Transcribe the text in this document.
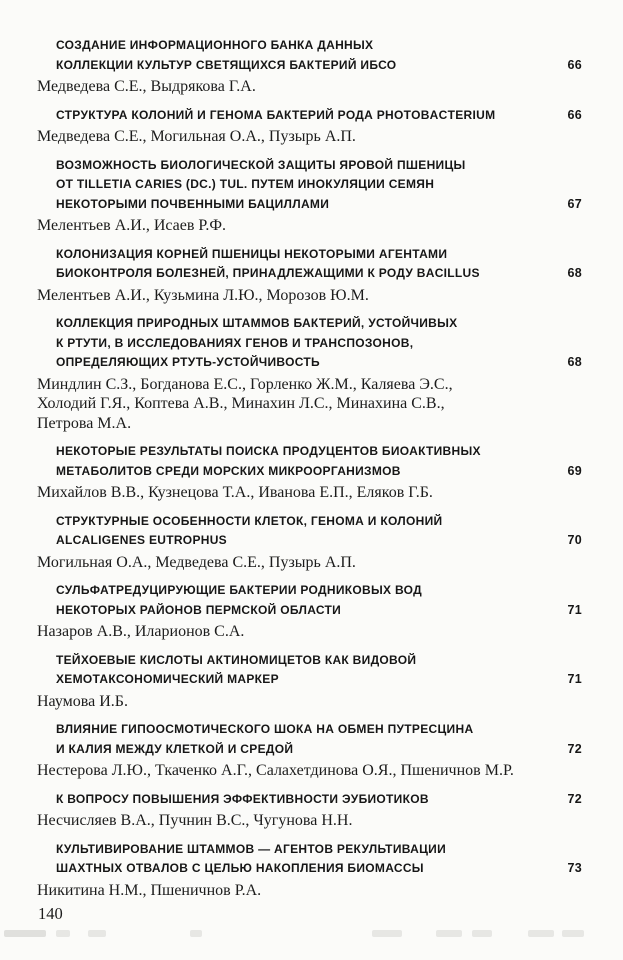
СОЗДАНИЕ ИНФОРМАЦИОННОГО БАНКА ДАННЫХ
КОЛЛЕКЦИИ КУЛЬТУР СВЕТЯЩИХСЯ БАКТЕРИЙ ИБСО	66
Медведева С.Е., Выдрякова Г.А.
СТРУКТУРА КОЛОНИЙ И ГЕНОМА БАКТЕРИЙ РОДА PHOTOBACTERIUM	66
Медведева С.Е., Могильная О.А., Пузырь А.П.
ВОЗМОЖНОСТЬ БИОЛОГИЧЕСКОЙ ЗАЩИТЫ ЯРОВОЙ ПШЕНИЦЫ
ОТ TILLETIA CARIES (DC.) TUL. ПУТЕМ ИНОКУЛЯЦИИ СЕМЯН
НЕКОТОРЫМИ ПОЧВЕННЫМИ БАЦИЛЛАМИ	67
Мелентьев А.И., Исаев Р.Ф.
КОЛОНИЗАЦИЯ КОРНЕЙ ПШЕНИЦЫ НЕКОТОРЫМИ АГЕНТАМИ
БИОКОНТРОЛЯ БОЛЕЗНЕЙ, ПРИНАДЛЕЖАЩИМИ К РОДУ BACILLUS	68
Мелентьев А.И., Кузьмина Л.Ю., Морозов Ю.М.
КОЛЛЕКЦИЯ ПРИРОДНЫХ ШТАММОВ БАКТЕРИЙ, УСТОЙЧИВЫХ
К РТУТИ, В ИССЛЕДОВАНИЯХ ГЕНОВ И ТРАНСПОЗОНОВ,
ОПРЕДЕЛЯЮЩИХ РТУТЬ-УСТОЙЧИВОСТЬ	68
Миндлин С.З., Богданова Е.С., Горленко Ж.М., Каляева Э.С.,
Холодий Г.Я., Коптева А.В., Минахин Л.С., Минахина С.В.,
Петрова М.А.
НЕКОТОРЫЕ РЕЗУЛЬТАТЫ ПОИСКА ПРОДУЦЕНТОВ БИОАКТИВНЫХ
МЕТАБОЛИТОВ СРЕДИ МОРСКИХ МИКРООРГАНИЗМОВ	69
Михайлов В.В., Кузнецова Т.А., Иванова Е.П., Еляков Г.Б.
СТРУКТУРНЫЕ ОСОБЕННОСТИ КЛЕТОК, ГЕНОМА И КОЛОНИЙ
ALCALIGENES EUTROPHUS	70
Могильная О.А., Медведева С.Е., Пузырь А.П.
СУЛЬФАТРЕДУЦИРУЮЩИЕ БАКТЕРИИ РОДНИКОВЫХ ВОД
НЕКОТОРЫХ РАЙОНОВ ПЕРМСКОЙ ОБЛАСТИ	71
Назаров А.В., Иларионов С.А.
ТЕЙХОЕВЫЕ КИСЛОТЫ АКТИНОМИЦЕТОВ КАК ВИДОВОЙ
ХЕМОТАКСОНОМИЧЕСКИЙ МАРКЕР	71
Наумова И.Б.
ВЛИЯНИЕ ГИПООСМОТИЧЕСКОГО ШОКА НА ОБМЕН ПУТРЕСЦИНА
И КАЛИЯ МЕЖДУ КЛЕТКОЙ И СРЕДОЙ	72
Нестерова Л.Ю., Ткаченко А.Г., Салахетдинова О.Я., Пшеничнов М.Р.
К ВОПРОСУ ПОВЫШЕНИЯ ЭФФЕКТИВНОСТИ ЭУБИОТИКОВ	72
Несчисляев В.А., Пучнин В.С., Чугунова Н.Н.
КУЛЬТИВИРОВАНИЕ ШТАММОВ — АГЕНТОВ РЕКУЛЬТИВАЦИИ
ШАХТНЫХ ОТВАЛОВ С ЦЕЛЬЮ НАКОПЛЕНИЯ БИОМАССЫ	73
Никитина Н.М., Пшеничнов Р.А.
140
